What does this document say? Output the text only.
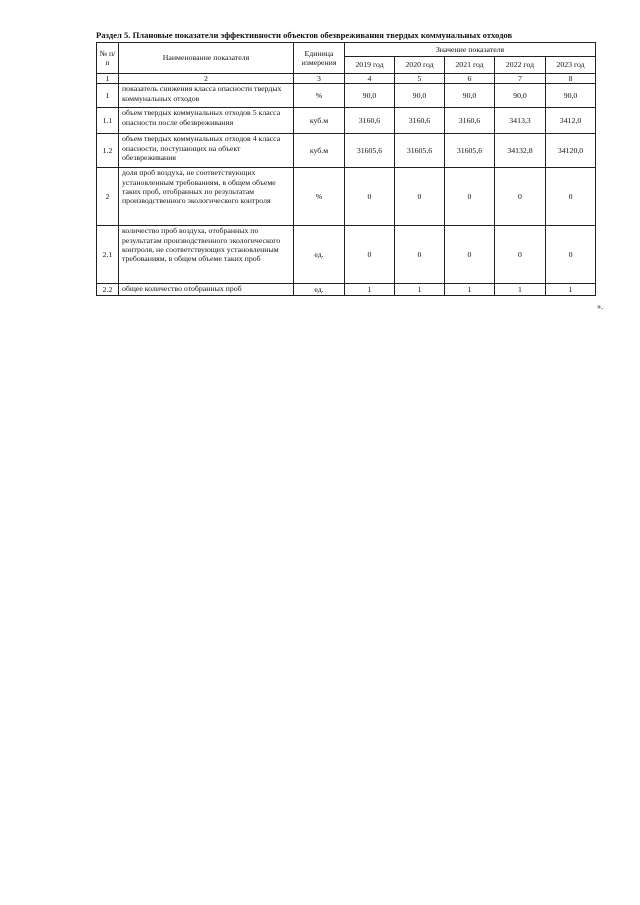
Раздел 5. Плановые показатели эффективности объектов обезвреживания твердых коммунальных отходов
№ п/п	Наименование показателя	Единица измерения	Значение показателя				
			2019 год	2020 год	2021 год	2022 год	2023 год
1	2	3	4	5	6	7	8
1	показатель снижения класса опасности твердых коммунальных отходов	%	90,0	90,0	90,0	90,0	90,0
1.1	объем твердых коммунальных отходов 5 класса опасности после обезвреживания	куб.м	3160,6	3160,6	3160,6	3413,3	3412,0
1.2	объем твердых коммунальных отходов 4 класса опасности, поступающих на объект обезвреживания	куб.м	31605,6	31605,6	31605,6	34132,8	34120,0
2	доля проб воздуха, не соответствующих установленным требованиям, в общем объеме таких проб, отобранных по результатам производственного экологического контроля	%	0	0	0	0	0
2.1	количество проб воздуха, отобранных по результатам производственного экологического контроля, не соответствующих установленным требованиям, в общем объеме таких проб	ед.	0	0	0	0	0
2.2	общее количество отобранных проб	ед.	1	1	1	1	1
».
